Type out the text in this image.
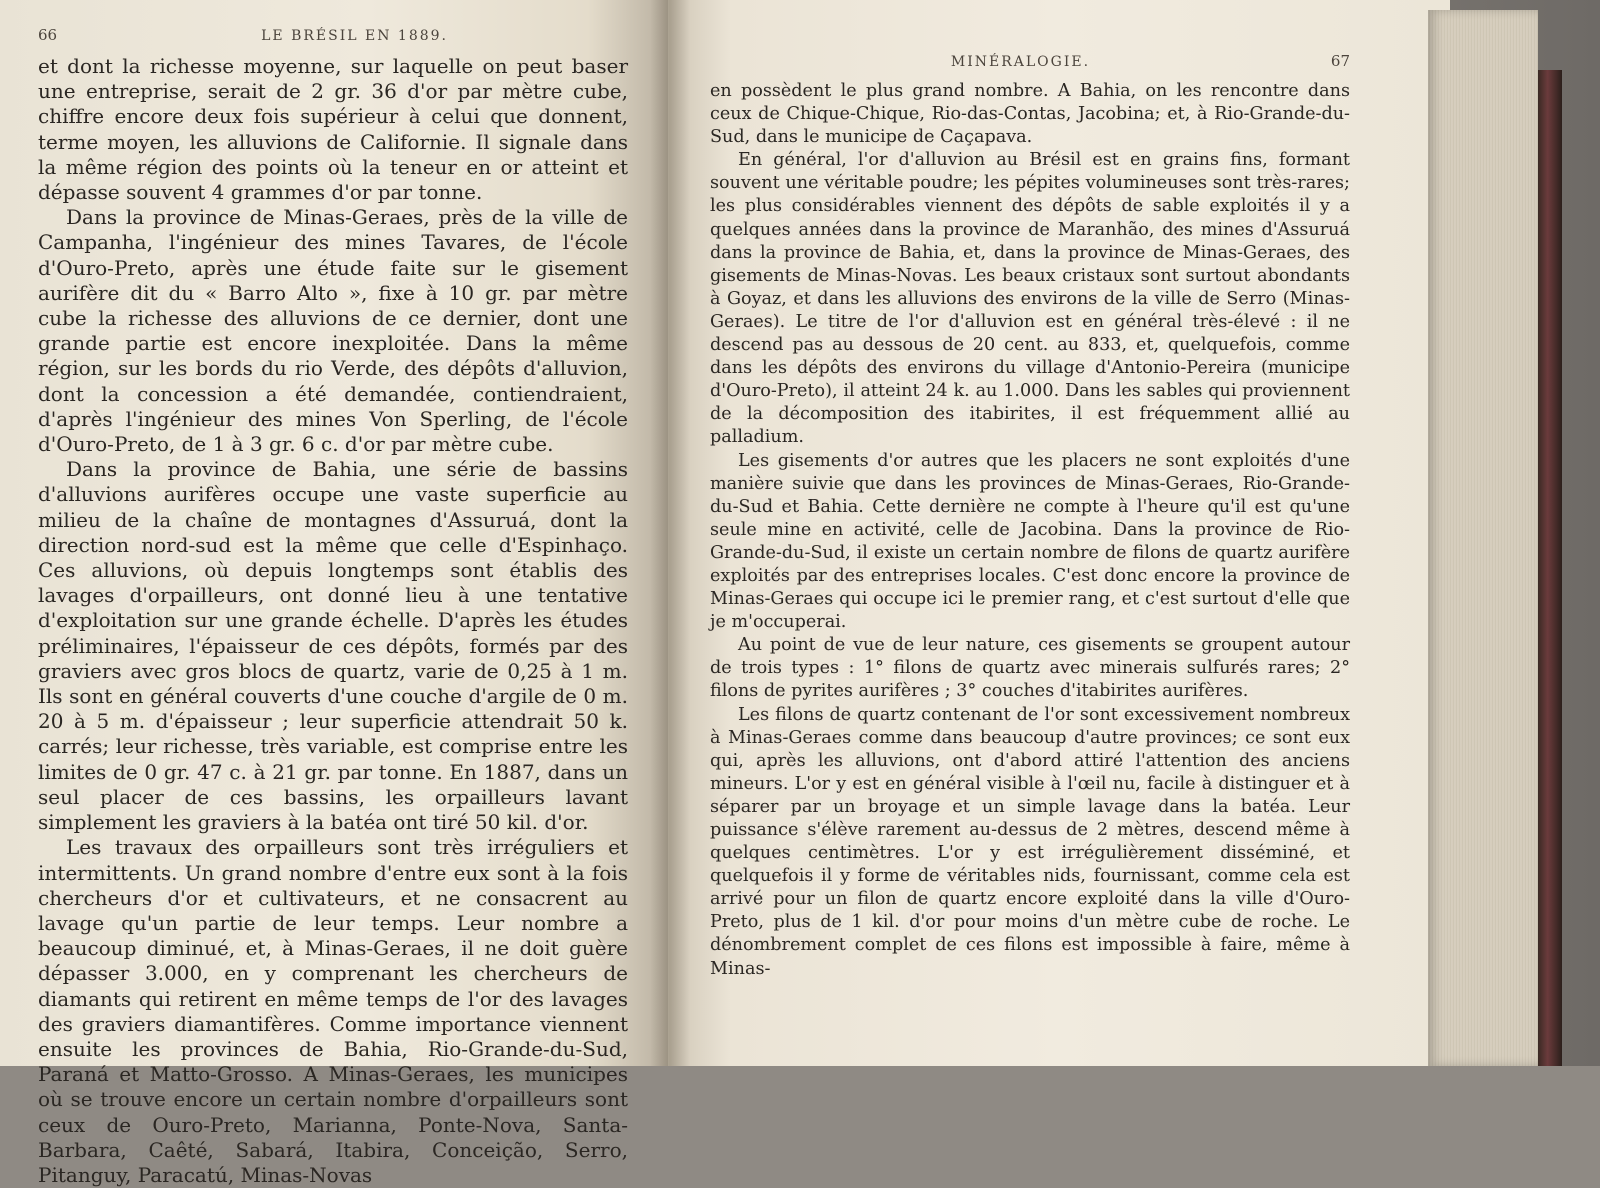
66	LE BRÉSIL EN 1889.

et dont la richesse moyenne, sur laquelle on peut baser une entreprise, serait de 2 gr. 36 d'or par mètre cube, chiffre encore deux fois supérieur à celui que donnent, terme moyen, les alluvions de Californie. Il signale dans la même région des points où la teneur en or atteint et dépasse souvent 4 grammes d'or par tonne.

Dans la province de Minas-Geraes, près de la ville de Campanha, l'ingénieur des mines Tavares, de l'école d'Ouro-Preto, après une étude faite sur le gisement aurifère dit du « Barro Alto », fixe à 10 gr. par mètre cube la richesse des alluvions de ce dernier, dont une grande partie est encore inexploitée. Dans la même région, sur les bords du rio Verde, des dépôts d'alluvion, dont la concession a été demandée, contiendraient, d'après l'ingénieur des mines Von Sperling, de l'école d'Ouro-Preto, de 1 à 3 gr. 6 c. d'or par mètre cube.

Dans la province de Bahia, une série de bassins d'alluvions aurifères occupe une vaste superficie au milieu de la chaîne de montagnes d'Assuruá, dont la direction nord-sud est la même que celle d'Espinhaço. Ces alluvions, où depuis longtemps sont établis des lavages d'orpailleurs, ont donné lieu à une tentative d'exploitation sur une grande échelle. D'après les études préliminaires, l'épaisseur de ces dépôts, formés par des graviers avec gros blocs de quartz, varie de 0,25 à 1 m. Ils sont en général couverts d'une couche d'argile de 0 m. 20 à 5 m. d'épaisseur ; leur superficie attendrait 50 k. carrés; leur richesse, très variable, est comprise entre les limites de 0 gr. 47 c. à 21 gr. par tonne. En 1887, dans un seul placer de ces bassins, les orpailleurs lavant simplement les graviers à la batéa ont tiré 50 kil. d'or.

Les travaux des orpailleurs sont très irréguliers et intermittents. Un grand nombre d'entre eux sont à la fois chercheurs d'or et cultivateurs, et ne consacrent au lavage qu'un partie de leur temps. Leur nombre a beaucoup diminué, et, à Minas-Geraes, il ne doit guère dépasser 3.000, en y comprenant les chercheurs de diamants qui retirent en même temps de l'or des lavages des graviers diamantifères. Comme importance viennent ensuite les provinces de Bahia, Rio-Grande-du-Sud, Paraná et Matto-Grosso. A Minas-Geraes, les municipes où se trouve encore un certain nombre d'orpailleurs sont ceux de Ouro-Preto, Marianna, Ponte-Nova, Santa-Barbara, Caêté, Sabará, Itabira, Conceição, Serro, Pitanguy, Paracatú, Minas-Novas

MINÉRALOGIE.	67

en possèdent le plus grand nombre. A Bahia, on les rencontre dans ceux de Chique-Chique, Rio-das-Contas, Jacobina; et, à Rio-Grande-du-Sud, dans le municipe de Caçapava.

En général, l'or d'alluvion au Brésil est en grains fins, formant souvent une véritable poudre; les pépites volumineuses sont très-rares; les plus considérables viennent des dépôts de sable exploités il y a quelques années dans la province de Maranhão, des mines d'Assuruá dans la province de Bahia, et, dans la province de Minas-Geraes, des gisements de Minas-Novas. Les beaux cristaux sont surtout abondants à Goyaz, et dans les alluvions des environs de la ville de Serro (Minas-Geraes). Le titre de l'or d'alluvion est en général très-élevé : il ne descend pas au dessous de 20 cent. au 833, et, quelquefois, comme dans les dépôts des environs du village d'Antonio-Pereira (municipe d'Ouro-Preto), il atteint 24 k. au 1.000. Dans les sables qui proviennent de la décomposition des itabirites, il est fréquemment allié au palladium.

Les gisements d'or autres que les placers ne sont exploités d'une manière suivie que dans les provinces de Minas-Geraes, Rio-Grande-du-Sud et Bahia. Cette dernière ne compte à l'heure qu'il est qu'une seule mine en activité, celle de Jacobina. Dans la province de Rio-Grande-du-Sud, il existe un certain nombre de filons de quartz aurifère exploités par des entreprises locales. C'est donc encore la province de Minas-Geraes qui occupe ici le premier rang, et c'est surtout d'elle que je m'occuperai.

Au point de vue de leur nature, ces gisements se groupent autour de trois types : 1° filons de quartz avec minerais sulfurés rares; 2° filons de pyrites aurifères ; 3° couches d'itabirites aurifères.

Les filons de quartz contenant de l'or sont excessivement nombreux à Minas-Geraes comme dans beaucoup d'autre provinces; ce sont eux qui, après les alluvions, ont d'abord attiré l'attention des anciens mineurs. L'or y est en général visible à l'œil nu, facile à distinguer et à séparer par un broyage et un simple lavage dans la batéa. Leur puissance s'élève rarement au-dessus de 2 mètres, descend même à quelques centimètres. L'or y est irrégulièrement disséminé, et quelquefois il y forme de véritables nids, fournissant, comme cela est arrivé pour un filon de quartz encore exploité dans la ville d'Ouro-Preto, plus de 1 kil. d'or pour moins d'un mètre cube de roche. Le dénombrement complet de ces filons est impossible à faire, même à Minas-
